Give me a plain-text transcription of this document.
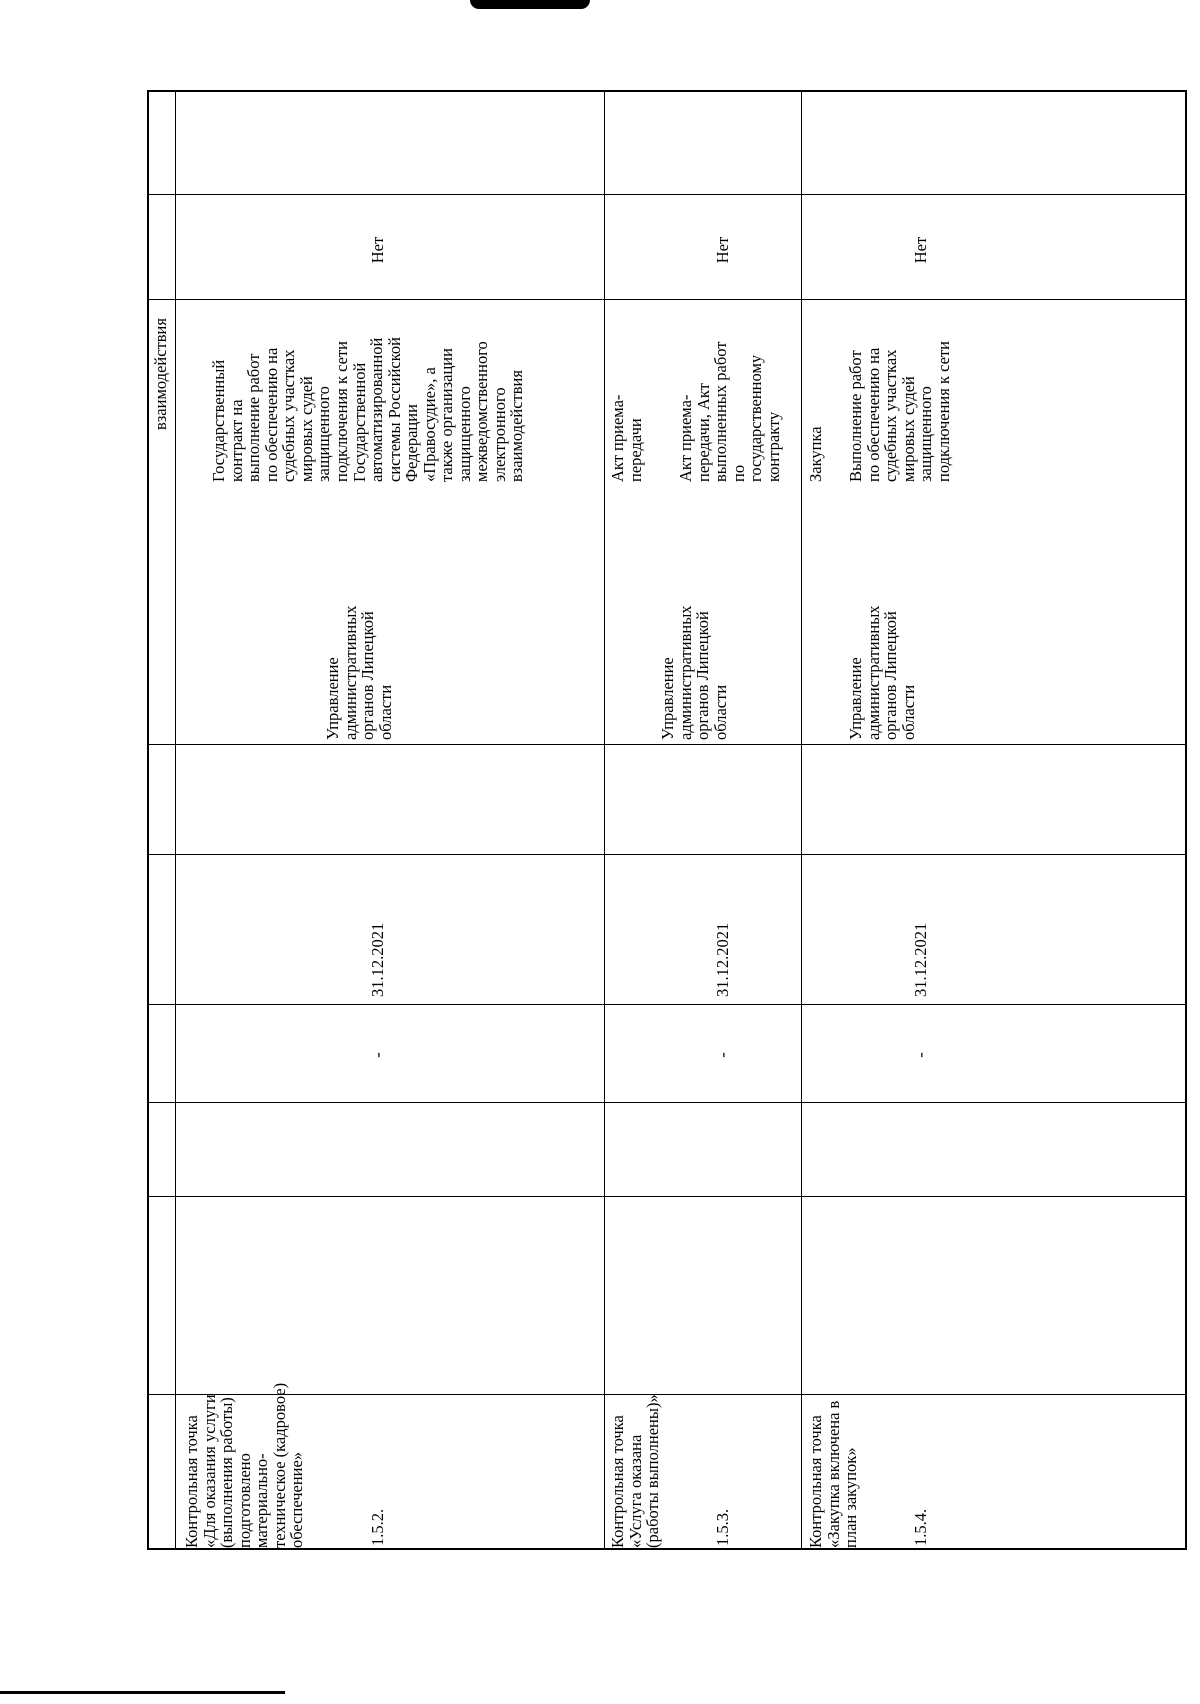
взаимодействия
1.5.2.
Контрольная точка
«Для оказания услуги
(выполнения работы)
подготовлено
материально-
техническое (кадровое)
обеспечение»
-
31.12.2021
Управление
административных
органов Липецкой
области
Государственный
контракт на
выполнение работ
по обеспечению на
судебных участках
мировых судей
защищенного подключения к сети
Государственной
автоматизированной
системы Российской
Федерации
«Правосудие», а
также организации
защищенного
межведомственного
электронного
взаимодействия
Нет
1.5.3.
Контрольная точка
«Услуга оказана
(работы выполнены)»
-
31.12.2021
Управление
административных
органов Липецкой
области
Акт приема-
передачи Акт приема-
передачи, Акт
выполненных работ
по
государственному
контракту
Нет
1.5.4.
Контрольная точка
«Закупка включена в
план закупок»
-
31.12.2021
Управление
административных
органов Липецкой
области
Закупка Выполнение работ
по обеспечению на
судебных участках
мировых судей
защищенного
подключения к сети
Нет
